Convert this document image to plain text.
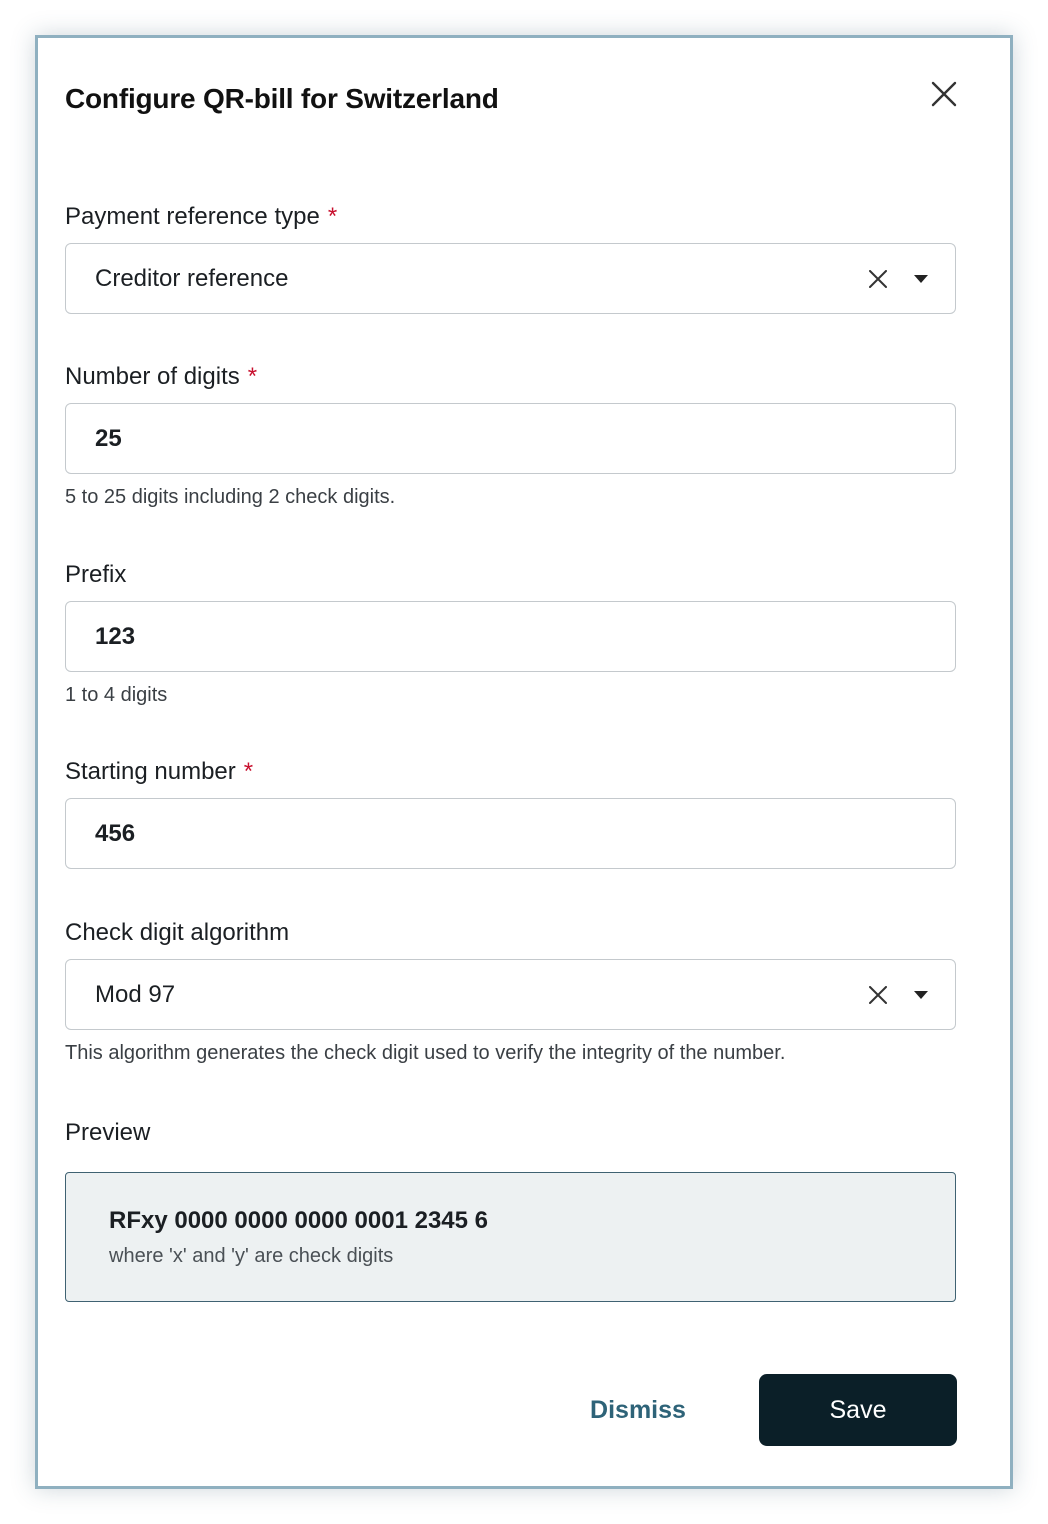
Configure QR-bill for Switzerland
Payment reference type *
Creditor reference
Number of digits *
25
5 to 25 digits including 2 check digits.
Prefix
123
1 to 4 digits
Starting number *
456
Check digit algorithm
Mod 97
This algorithm generates the check digit used to verify the integrity of the number.
Preview
RFxy 0000 0000 0000 0001 2345 6
where 'x' and 'y' are check digits
Dismiss	Save
